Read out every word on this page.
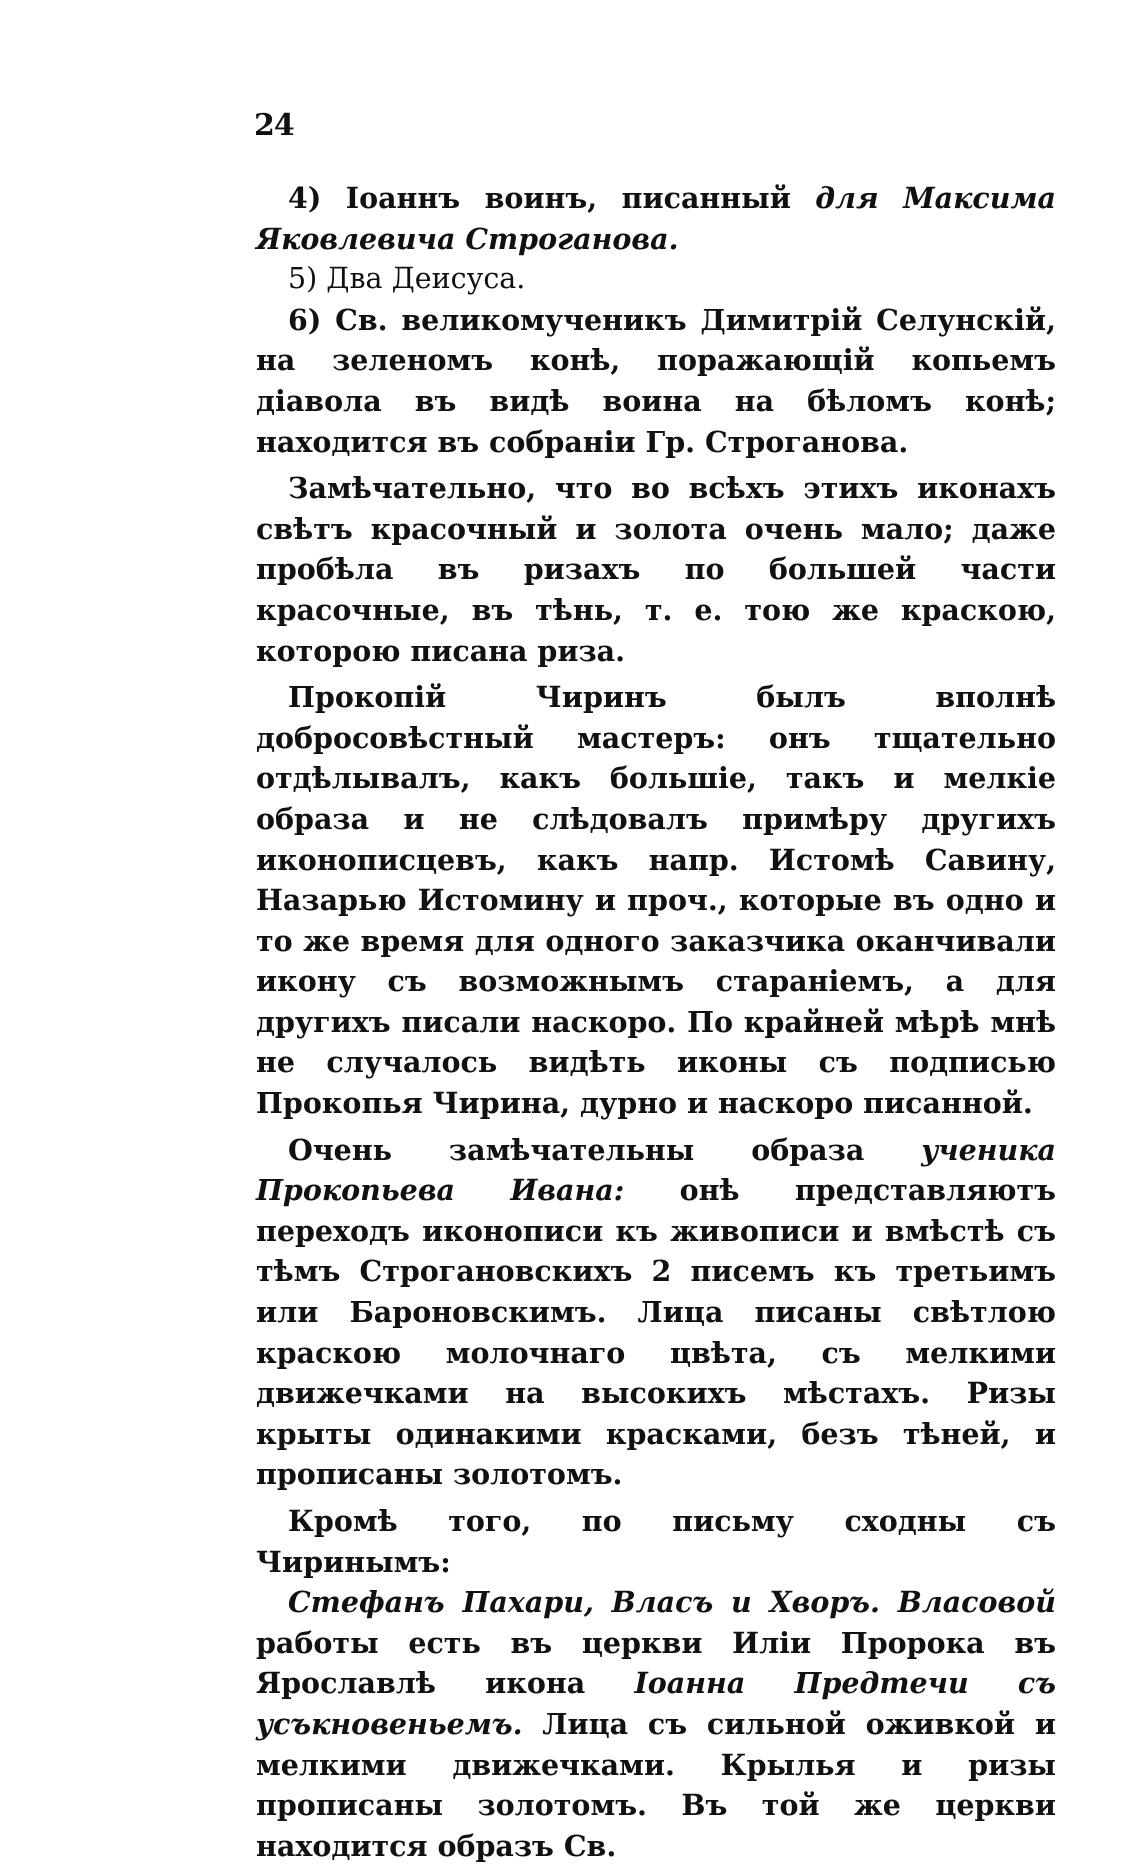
24

4) Іоаннъ воинъ, писанный для Максима Яковлевича Строганова.

5) Два Деисуса.

6) Св. великомученикъ Димитрій Селунскій, на зеленомъ конѣ, поражающій копьемъ діавола въ видѣ воина на бѣломъ конѣ; находится въ собраніи Гр. Строганова.

Замѣчательно, что во всѣхъ этихъ иконахъ свѣтъ красочный и золота очень мало; даже пробѣла въ ризахъ по большей части красочные, въ тѣнь, т. е. тою же краскою, которою писана риза.

Прокопій Чиринъ былъ вполнѣ добросовѣстный мастеръ: онъ тщательно отдѣлывалъ, какъ большіе, такъ и мелкіе образа и не слѣдовалъ примѣру другихъ иконописцевъ, какъ напр. Истомѣ Савину, Назарью Истомину и проч., которые въ одно и то же время для одного заказчика оканчивали икону съ возможнымъ стараніемъ, а для другихъ писали наскоро. По крайней мѣрѣ мнѣ не случалось видѣть иконы съ подписью Прокопья Чирина, дурно и наскоро писанной.

Очень замѣчательны образа ученика Прокопьева Ивана: онѣ представляютъ переходъ иконописи къ живописи и вмѣстѣ съ тѣмъ Строгановскихъ 2 писемъ къ третьимъ или Бароновскимъ. Лица писаны свѣтлою краскою молочнаго цвѣта, съ мелкими движечками на высокихъ мѣстахъ. Ризы крыты одинакими красками, безъ тѣней, и прописаны золотомъ.

Кромѣ того, по письму сходны съ Чиринымъ:

Стефанъ Пахари, Власъ и Хворъ. Власовой работы есть въ церкви Иліи Пророка въ Ярославлѣ икона Іоанна Предтечи съ усъкновеньемъ. Лица съ сильной оживкой и мелкими движечками. Крылья и ризы прописаны золотомъ. Въ той же церкви находится образъ Св.
